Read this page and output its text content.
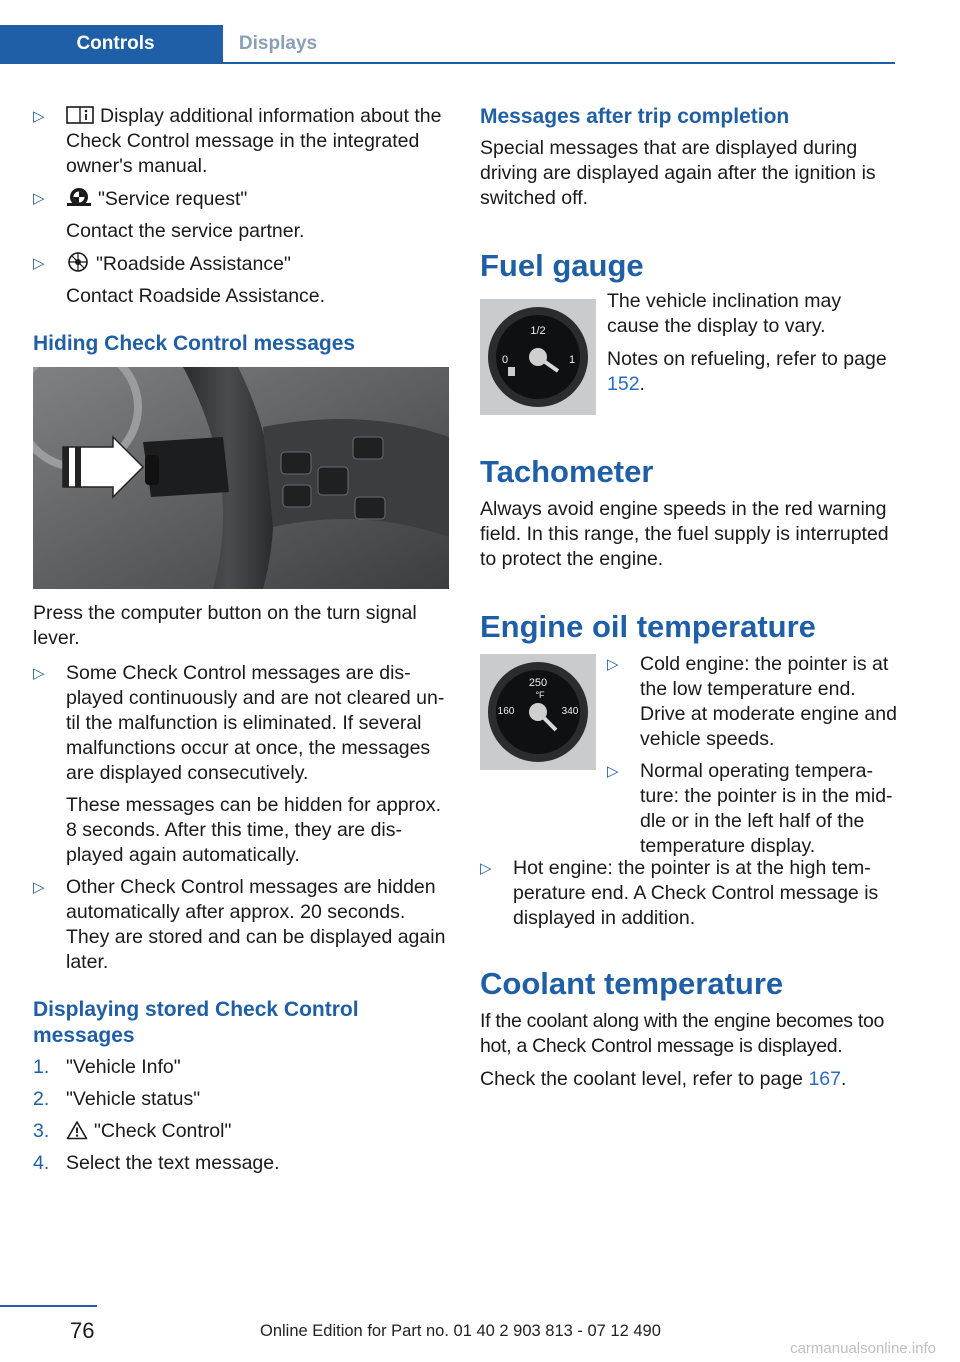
Controls	Displays
▷	Display additional information about the Check Control message in the integrated owner's manual.
▷	"Service request"
Contact the service partner.
▷	"Roadside Assistance"
Contact Roadside Assistance.
Hiding Check Control messages

Press the computer button on the turn signal lever.

▷ Some Check Control messages are dis‐played continuously and are not cleared un‐til the malfunction is eliminated. If several malfunctions occur at once, the messages are displayed consecutively.
These messages can be hidden for approx. 8 seconds. After this time, they are dis‐played again automatically.
▷ Other Check Control messages are hidden automatically after approx. 20 seconds. They are stored and can be displayed again later.
Displaying stored Check Control messages
1. "Vehicle Info"
2. "Vehicle status"
3. "Check Control"
4. Select the text message.
Messages after trip completion

Special messages that are displayed during driving are displayed again after the ignition is switched off.

Fuel gauge
1/2
0	1

The vehicle inclination may cause the display to vary.

Notes on refueling, refer to page 152.

Tachometer

Always avoid engine speeds in the red warning field. In this range, the fuel supply is interrupted to protect the engine.

Engine oil temperature
250
°F
160	340
▷ Cold engine: the pointer is at the low temperature end. Drive at moderate engine and vehicle speeds.
▷ Normal operating tempera‐ture: the pointer is in the mid‐dle or in the left half of the temperature display.
▷ Hot engine: the pointer is at the high tem‐perature end. A Check Control message is displayed in addition.
Coolant temperature

If the coolant along with the engine becomes too hot, a Check Control message is displayed.

Check the coolant level, refer to page 167.

76	Online Edition for Part no. 01 40 2 903 813 - 07 12 490
carmanualsonline.info
